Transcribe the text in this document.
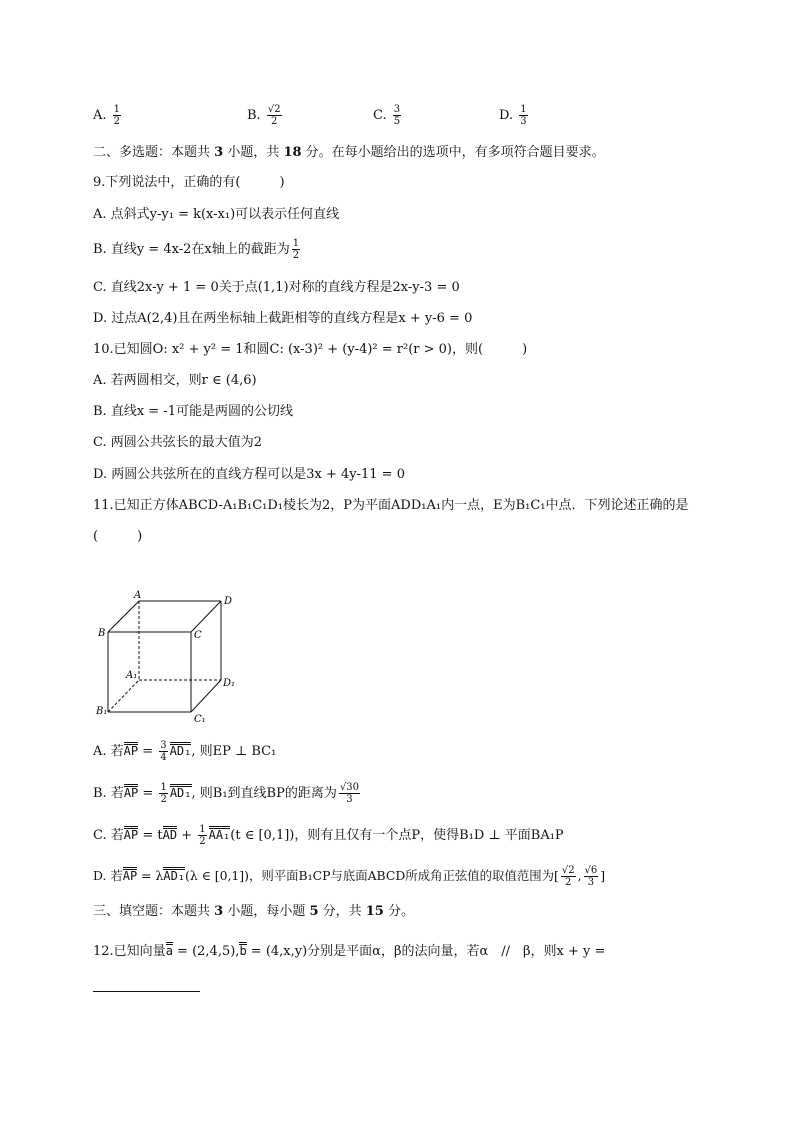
A. $\frac{1}{2}$	B. $\frac{√2}{2}$	C. $\frac{3}{5}$	D. $\frac{1}{3}$
二、多选题：本题共 3 小题，共 18 分。在每小题给出的选项中，有多项符合题目要求。
9.下列说法中，正确的有(　　　)
A. 点斜式y-y₁ = k(x-x₁)可以表示任何直线
B. 直线y = 4x-2在x轴上的截距为 $\frac{1}{2}$
C. 直线2x-y + 1 = 0关于点(1,1)对称的直线方程是2x-y-3 = 0
D. 过点A(2,4)且在两坐标轴上截距相等的直线方程是x + y-6 = 0
10.已知圆O: x² + y² = 1和圆C: (x-3)² + (y-4)² = r²(r > 0)，则(　　　)
A. 若两圆相交，则r ∈ (4,6)
B. 直线x = -1可能是两圆的公切线
C. 两圆公共弦长的最大值为2
D. 两圆公共弦所在的直线方程可以是3x + 4y-11 = 0
11.已知正方体ABCD-A₁B₁C₁D₁棱长为2，P为平面ADD₁A₁内一点，E为B₁C₁中点．下列论述正确的是
(　　　)
A
D
B	C
A₁
D₁
B₁
C₁
A. 若AP = $\frac{3}{4} AD_1$, 则EP ⊥ BC₁
B. 若AP = $\frac{1}{2} AD_1$, 则B₁到直线BP的距离为 $\frac{√30}{3}$
C. 若AP = tAD + $\frac{1}{2} AA_1(t$ ∈ [0,1])，则有且仅有一个点P，使得B₁D ⊥ 平面BA₁P
D. 若AP = λAD₁(λ ∈ [0,1])，则平面B₁CP与底面ABCD所成角正弦值的取值范围为[ $\frac{√2}{2}$ , $\frac{√6}{3}$ ]
三、填空题：本题共 3 小题，每小题 5 分，共 15 分。
12.已知向量a = (2,4,5),b = (4,x,y)分别是平面α，β的法向量，若α　//　β，则x + y =
